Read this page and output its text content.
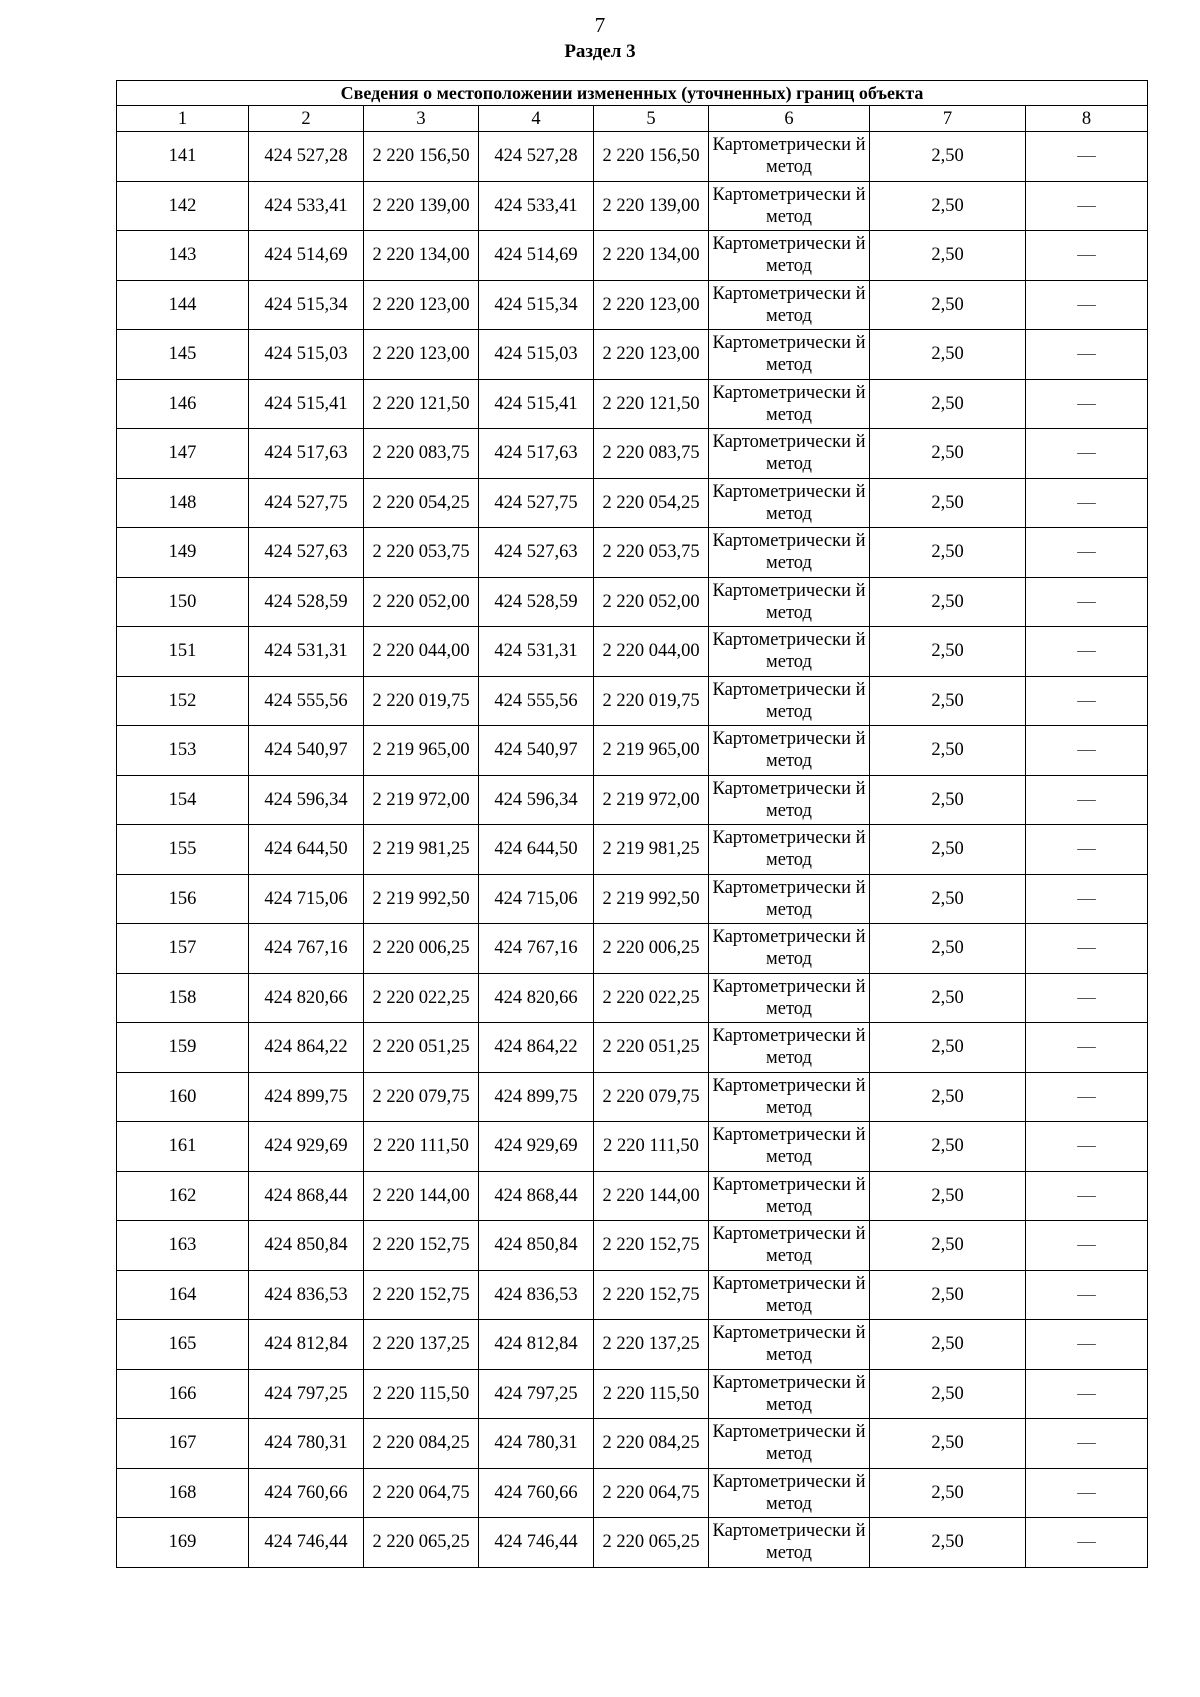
7
Раздел 3
Сведения о местоположении измененных (уточненных) границ объекта							
1	2	3	4	5	6	7	8
141	424 527,28	2 220 156,50	424 527,28	2 220 156,50	Картометрически й метод	2,50	—
142	424 533,41	2 220 139,00	424 533,41	2 220 139,00	Картометрически й метод	2,50	—
143	424 514,69	2 220 134,00	424 514,69	2 220 134,00	Картометрически й метод	2,50	—
144	424 515,34	2 220 123,00	424 515,34	2 220 123,00	Картометрически й метод	2,50	—
145	424 515,03	2 220 123,00	424 515,03	2 220 123,00	Картометрически й метод	2,50	—
146	424 515,41	2 220 121,50	424 515,41	2 220 121,50	Картометрически й метод	2,50	—
147	424 517,63	2 220 083,75	424 517,63	2 220 083,75	Картометрически й метод	2,50	—
148	424 527,75	2 220 054,25	424 527,75	2 220 054,25	Картометрически й метод	2,50	—
149	424 527,63	2 220 053,75	424 527,63	2 220 053,75	Картометрически й метод	2,50	—
150	424 528,59	2 220 052,00	424 528,59	2 220 052,00	Картометрически й метод	2,50	—
151	424 531,31	2 220 044,00	424 531,31	2 220 044,00	Картометрически й метод	2,50	—
152	424 555,56	2 220 019,75	424 555,56	2 220 019,75	Картометрически й метод	2,50	—
153	424 540,97	2 219 965,00	424 540,97	2 219 965,00	Картометрически й метод	2,50	—
154	424 596,34	2 219 972,00	424 596,34	2 219 972,00	Картометрически й метод	2,50	—
155	424 644,50	2 219 981,25	424 644,50	2 219 981,25	Картометрически й метод	2,50	—
156	424 715,06	2 219 992,50	424 715,06	2 219 992,50	Картометрически й метод	2,50	—
157	424 767,16	2 220 006,25	424 767,16	2 220 006,25	Картометрически й метод	2,50	—
158	424 820,66	2 220 022,25	424 820,66	2 220 022,25	Картометрически й метод	2,50	—
159	424 864,22	2 220 051,25	424 864,22	2 220 051,25	Картометрически й метод	2,50	—
160	424 899,75	2 220 079,75	424 899,75	2 220 079,75	Картометрически й метод	2,50	—
161	424 929,69	2 220 111,50	424 929,69	2 220 111,50	Картометрически й метод	2,50	—
162	424 868,44	2 220 144,00	424 868,44	2 220 144,00	Картометрически й метод	2,50	—
163	424 850,84	2 220 152,75	424 850,84	2 220 152,75	Картометрически й метод	2,50	—
164	424 836,53	2 220 152,75	424 836,53	2 220 152,75	Картометрически й метод	2,50	—
165	424 812,84	2 220 137,25	424 812,84	2 220 137,25	Картометрически й метод	2,50	—
166	424 797,25	2 220 115,50	424 797,25	2 220 115,50	Картометрически й метод	2,50	—
167	424 780,31	2 220 084,25	424 780,31	2 220 084,25	Картометрически й метод	2,50	—
168	424 760,66	2 220 064,75	424 760,66	2 220 064,75	Картометрически й метод	2,50	—
169	424 746,44	2 220 065,25	424 746,44	2 220 065,25	Картометрически й метод	2,50	—
